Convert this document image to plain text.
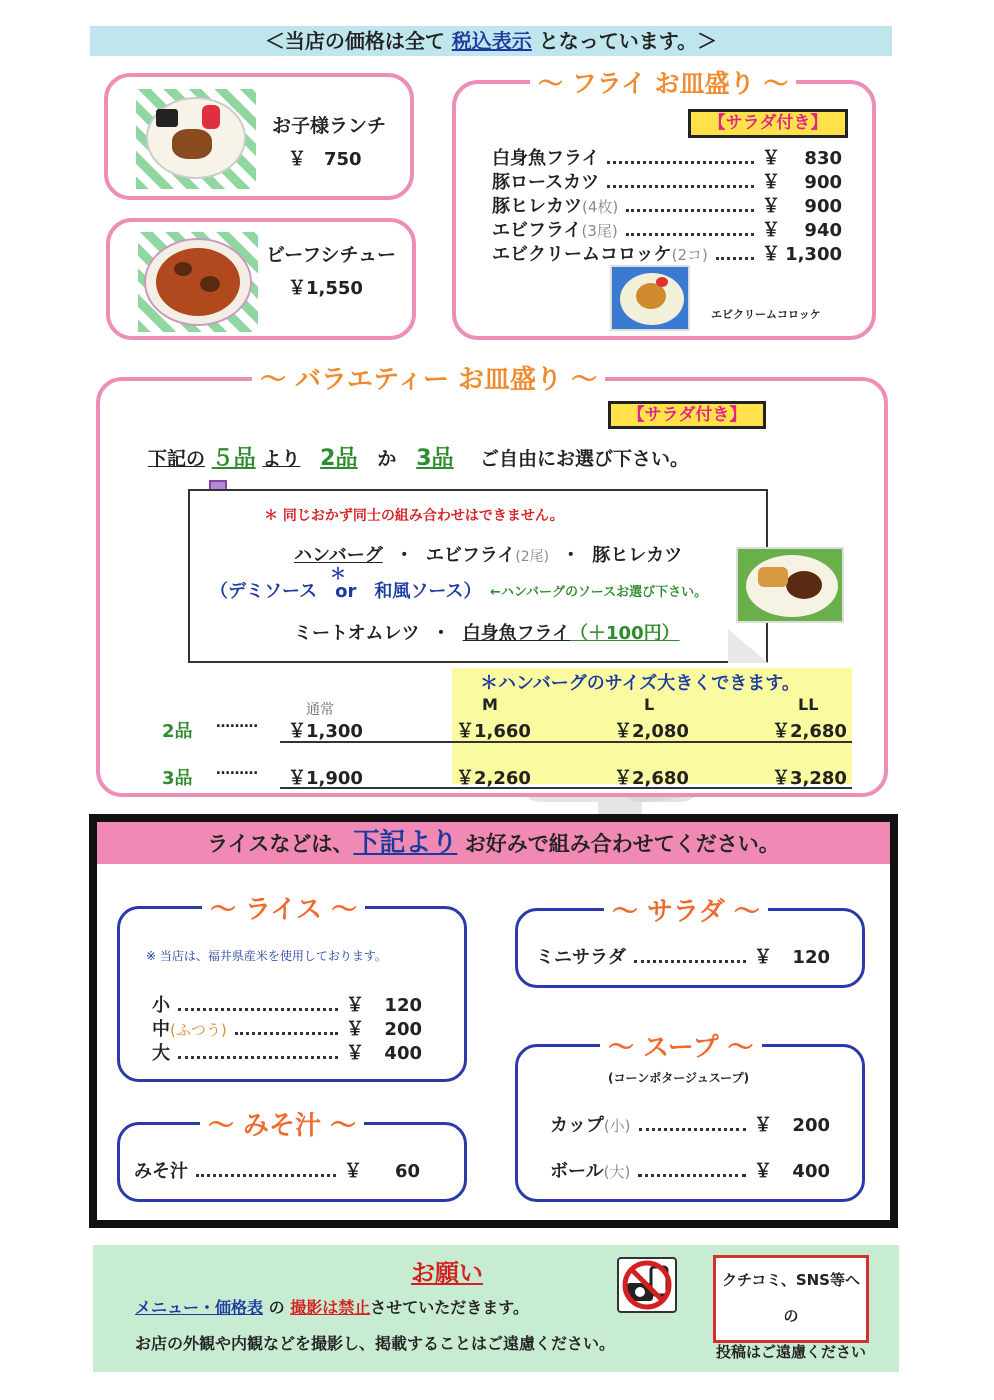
＜当店の価格は全て 税込表示 となっています。＞
お子様ランチ
￥　750
ビーフシチュー
￥1,550
～ フライ お皿盛り ～
【サラダ付き】
白身魚フライ	￥	830
豚ロースカツ	￥	900
豚ヒレカツ (4枚)	￥	900
エビフライ (3尾)	￥	940
エビクリームコロッケ (2コ)	￥ 1,300
エビクリームコロッケ
～ バラエティー お皿盛り ～
【サラダ付き】
下記の ５品 より 2品 か 3品 ご自由にお選び下さい。
＊ 同じおかず同士の組み合わせはできません。
ハンバーグ ・ エビフライ(2尾) ・ 豚ヒレカツ
＊
（デミソース　or　和風ソース） ←ハンバーグのソースお選び下さい。
ミートオムレツ ・ 白身魚フライ（＋100円）
＊ハンバーグのサイズ大きくできます。
通常	M	L	LL
2品 ……… ￥1,300	￥1,660	￥2,080	￥2,680
3品 ……… ￥1,900	￥2,260	￥2,680	￥3,280
ライスなどは、下記より お好みで組み合わせてください。
～ ライス ～
※ 当店は、福井県産米を使用しております。
小	￥	120
中 (ふつう)	￥	200
大	￥	400
～ みそ汁 ～
みそ汁	￥	60
～ サラダ ～
ミニサラダ	￥	120
～ スープ ～
(コーンポタージュスープ)
カップ (小)	￥	200
ボール (大)	￥	400
お願い
メニュー・価格表 の 撮影は禁止させていただきます。
お店の外観や内観などを撮影し、掲載することはご遠慮ください。
クチコミ、SNS等への
投稿はご遠慮ください
